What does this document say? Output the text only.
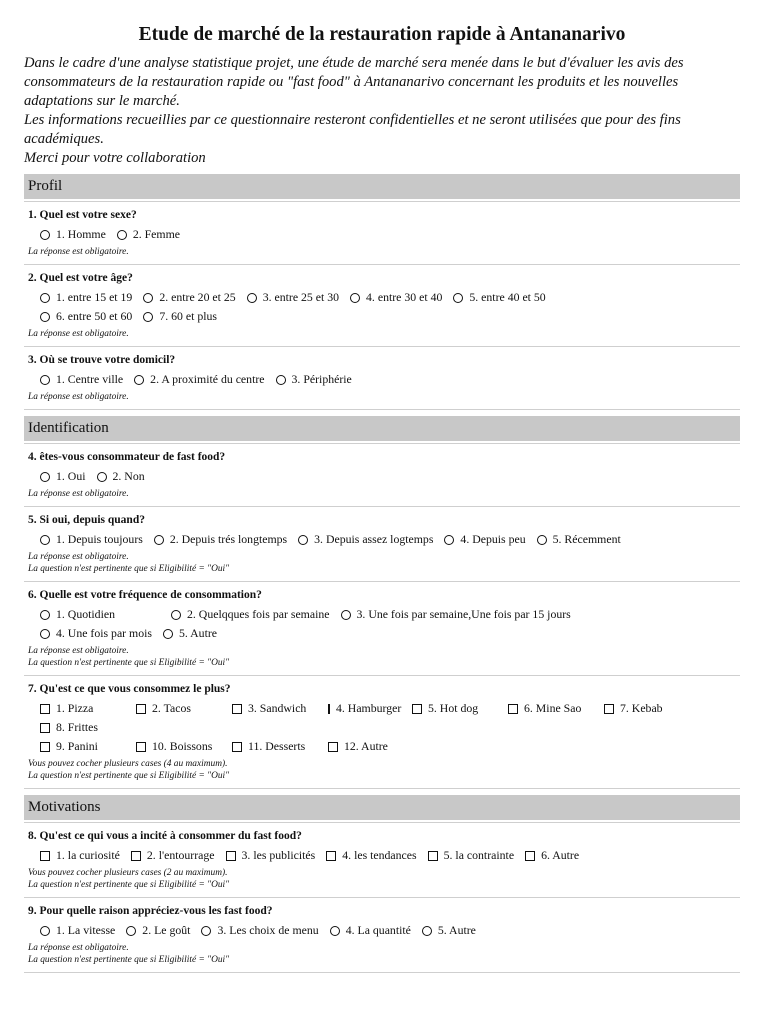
Etude de marché de la restauration rapide à Antananarivo

Dans le cadre d'une analyse statistique projet, une étude de marché sera menée dans le but d'évaluer les avis des consommateurs de la restauration rapide ou "fast food" à Antananarivo concernant les produits et les nouvelles adaptations sur le marché.

Les informations recueillies par ce questionnaire resteront confidentielles et ne seront utilisées que pour des fins académiques.

Merci pour votre collaboration

Profil
1. Quel est votre sexe?
1. Homme 2. Femme
La réponse est obligatoire.
2. Quel est votre âge?
1. entre 15 et 19 2. entre 20 et 25 3. entre 25 et 30 4. entre 30 et 40 5. entre 40 et 50
6. entre 50 et 60 7. 60 et plus
La réponse est obligatoire.
3. Où se trouve votre domicil?
1. Centre ville 2. A proximité du centre 3. Périphérie
La réponse est obligatoire.
Identification
4. êtes-vous consommateur de fast food?
1. Oui 2. Non
La réponse est obligatoire.
5. Si oui, depuis quand?
1. Depuis toujours 2. Depuis trés longtemps 3. Depuis assez logtemps 4. Depuis peu 5. Récemment
La réponse est obligatoire.
La question n'est pertinente que si Eligibilité = "Oui"
6. Quelle est votre fréquence de consommation?
1. Quotidien	2. Quelqques fois par semaine 3. Une fois par semaine,Une fois par 15 jours
4. Une fois par mois 5. Autre
La réponse est obligatoire.
La question n'est pertinente que si Eligibilité = "Oui"
7. Qu'est ce que vous consommez le plus?
1. Pizza	2. Tacos	3. Sandwich	4. Hamburger 5. Hot dog	6. Mine Sao	7. Kebab
8. Frittes
9. Panini	10. Boissons	11. Desserts	12. Autre
Vous pouvez cocher plusieurs cases (4 au maximum).
La question n'est pertinente que si Eligibilité = "Oui"
Motivations
8. Qu'est ce qui vous a incité à consommer du fast food?
1. la curiosité 2. l'entourrage 3. les publicités 4. les tendances 5. la contrainte 6. Autre
Vous pouvez cocher plusieurs cases (2 au maximum).
La question n'est pertinente que si Eligibilité = "Oui"
9. Pour quelle raison appréciez-vous les fast food?
1. La vitesse 2. Le goût 3. Les choix de menu 4. La quantité 5. Autre
La réponse est obligatoire.
La question n'est pertinente que si Eligibilité = "Oui"
